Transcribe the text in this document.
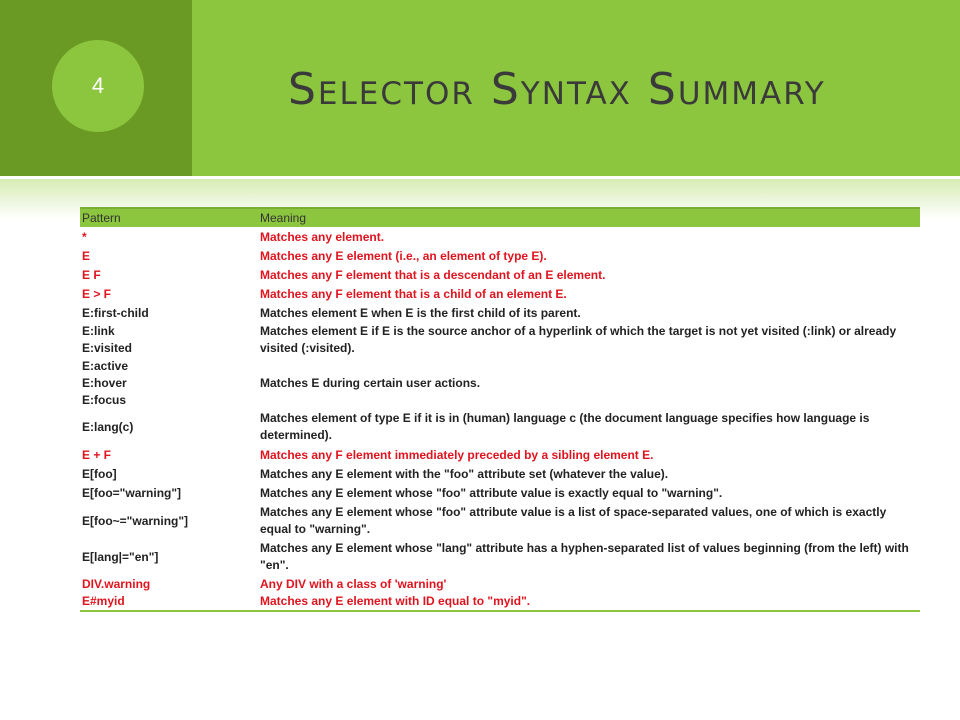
4	Selector Syntax Summary
Pattern	Meaning

*	Matches any element.

E	Matches any E element (i.e., an element of type E).

E F	Matches any F element that is a descendant of an E element.

E > F	Matches any F element that is a child of an element E.

E:first-child	Matches element E when E is the first child of its parent.

E:link
E:visited	Matches element E if E is the source anchor of a hyperlink of which the target is not yet visited (:link) or already visited (:visited).

E:active
E:hover
E:focus	Matches E during certain user actions.

E:lang(c)	Matches element of type E if it is in (human) language c (the document language specifies how language is determined).

E + F	Matches any F element immediately preceded by a sibling element E.

E[foo]	Matches any E element with the "foo" attribute set (whatever the value).

E[foo="warning"]	Matches any E element whose "foo" attribute value is exactly equal to "warning".

E[foo~="warning"]	Matches any E element whose "foo" attribute value is a list of space-separated values, one of which is exactly equal to "warning".

E[lang|="en"]	Matches any E element whose "lang" attribute has a hyphen-separated list of values beginning (from the left) with "en".

DIV.warning	Any DIV with a class of 'warning'

E#myid	Matches any E element with ID equal to "myid".
